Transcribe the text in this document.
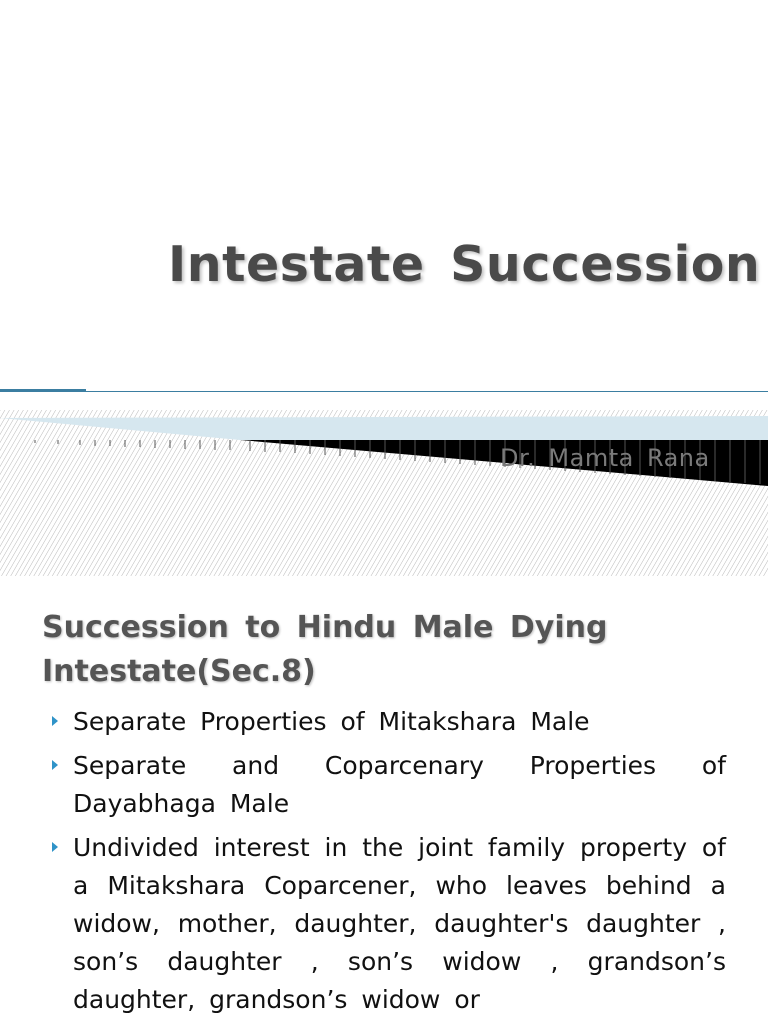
Intestate Succession
Dr. Mamta Rana
Succession to Hindu Male Dying Intestate(Sec.8)
Separate Properties of Mitakshara Male
Separate and Coparcenary Properties of Dayabhaga Male
Undivided interest in the joint family property of a Mitakshara Coparcener, who leaves behind a widow, mother, daughter, daughter's daughter , son’s daughter , son’s widow , grandson’s daughter, grandson’s widow or
